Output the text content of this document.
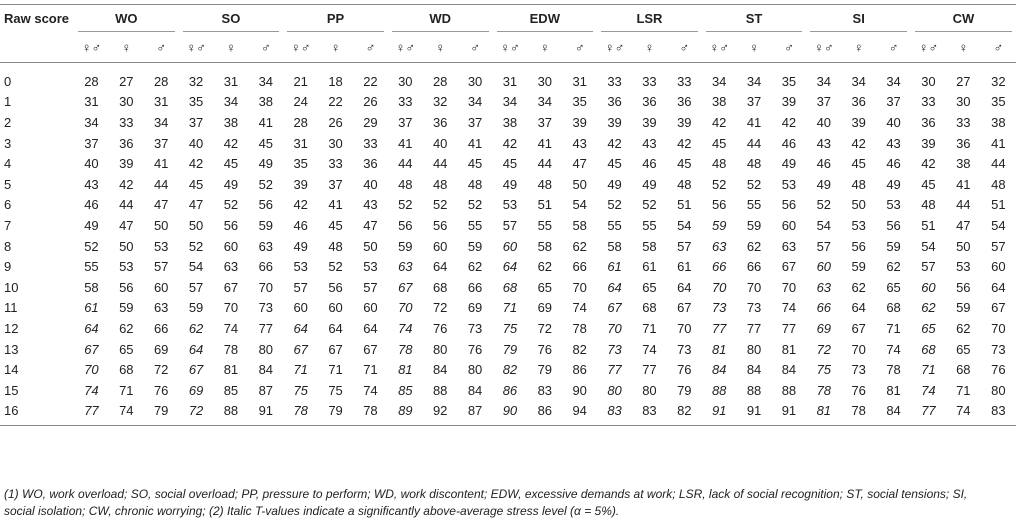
Raw score	WO			SO			PP			WD			EDW			LSR			ST			SI			CW		

	♀♂	♀	♂	♀♂	♀	♂	♀♂	♀	♂	♀♂	♀	♂	♀♂	♀	♂	♀♂	♀	♂	♀♂	♀	♂	♀♂	♀	♂	♀♂	♀	♂

0	28	27	28	32	31	34	21	18	22	30	28	30	31	30	31	33	33	33	34	34	35	34	34	34	30	27	32
1	31	30	31	35	34	38	24	22	26	33	32	34	34	34	35	36	36	36	38	37	39	37	36	37	33	30	35
2	34	33	34	37	38	41	28	26	29	37	36	37	38	37	39	39	39	39	42	41	42	40	39	40	36	33	38
3	37	36	37	40	42	45	31	30	33	41	40	41	42	41	43	42	43	42	45	44	46	43	42	43	39	36	41
4	40	39	41	42	45	49	35	33	36	44	44	45	45	44	47	45	46	45	48	48	49	46	45	46	42	38	44
5	43	42	44	45	49	52	39	37	40	48	48	48	49	48	50	49	49	48	52	52	53	49	48	49	45	41	48
6	46	44	47	47	52	56	42	41	43	52	52	52	53	51	54	52	52	51	56	55	56	52	50	53	48	44	51
7	49	47	50	50	56	59	46	45	47	56	56	55	57	55	58	55	55	54	59	59	60	54	53	56	51	47	54
8	52	50	53	52	60	63	49	48	50	59	60	59	60	58	62	58	58	57	63	62	63	57	56	59	54	50	57
9	55	53	57	54	63	66	53	52	53	63	64	62	64	62	66	61	61	61	66	66	67	60	59	62	57	53	60
10	58	56	60	57	67	70	57	56	57	67	68	66	68	65	70	64	65	64	70	70	70	63	62	65	60	56	64
11	61	59	63	59	70	73	60	60	60	70	72	69	71	69	74	67	68	67	73	73	74	66	64	68	62	59	67
12	64	62	66	62	74	77	64	64	64	74	76	73	75	72	78	70	71	70	77	77	77	69	67	71	65	62	70
13	67	65	69	64	78	80	67	67	67	78	80	76	79	76	82	73	74	73	81	80	81	72	70	74	68	65	73
14	70	68	72	67	81	84	71	71	71	81	84	80	82	79	86	77	77	76	84	84	84	75	73	78	71	68	76
15	74	71	76	69	85	87	75	75	74	85	88	84	86	83	90	80	80	79	88	88	88	78	76	81	74	71	80
16	77	74	79	72	88	91	78	79	78	89	92	87	90	86	94	83	83	82	91	91	91	81	78	84	77	74	83
(1) WO, work overload; SO, social overload; PP, pressure to perform; WD, work discontent; EDW, excessive demands at work; LSR, lack of social recognition; ST, social tensions; SI,
social isolation; CW, chronic worrying; (2) Italic T-values indicate a significantly above-average stress level (α = 5%).
